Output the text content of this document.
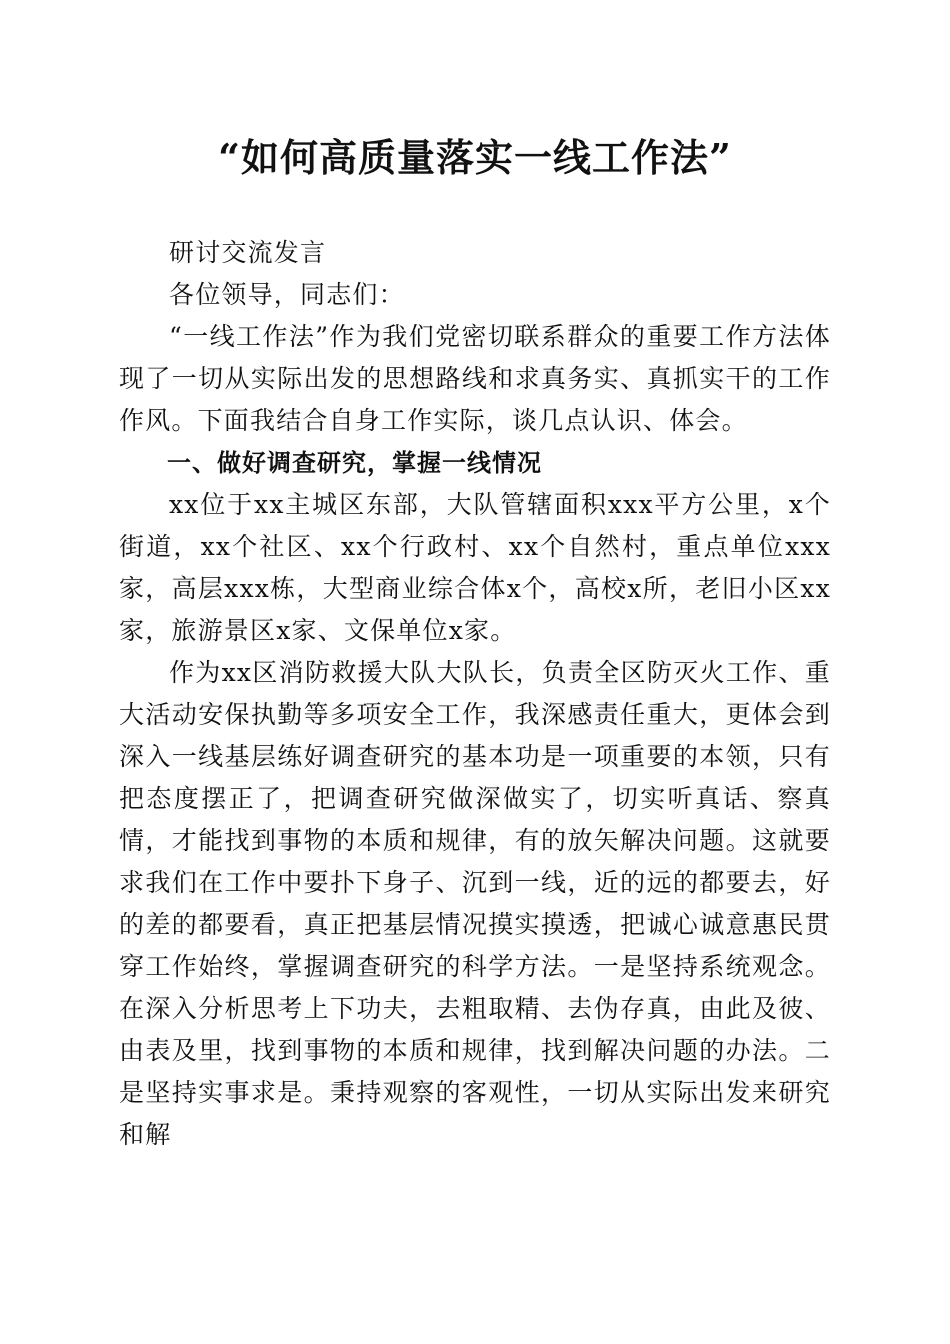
“如何高质量落实一线工作法”

研讨交流发言

各位领导，同志们：

“一线工作法”作为我们党密切联系群众的重要工作方法体现了一切从实际出发的思想路线和求真务实、真抓实干的工作作风。下面我结合自身工作实际，谈几点认识、体会。

一、做好调查研究，掌握一线情况

xx位于xx主城区东部，大队管辖面积xxx平方公里，x个街道，xx个社区、xx个行政村、xx个自然村，重点单位xxx家，高层xxx栋，大型商业综合体x个，高校x所，老旧小区xx家，旅游景区x家、文保单位x家。

作为xx区消防救援大队大队长，负责全区防灭火工作、重大活动安保执勤等多项安全工作，我深感责任重大，更体会到深入一线基层练好调查研究的基本功是一项重要的本领，只有把态度摆正了，把调查研究做深做实了，切实听真话、察真情，才能找到事物的本质和规律，有的放矢解决问题。这就要求我们在工作中要扑下身子、沉到一线，近的远的都要去，好的差的都要看，真正把基层情况摸实摸透，把诚心诚意惠民贯穿工作始终，掌握调查研究的科学方法。一是坚持系统观念。在深入分析思考上下功夫，去粗取精、去伪存真，由此及彼、由表及里，找到事物的本质和规律，找到解决问题的办法。二是坚持实事求是。秉持观察的客观性，一切从实际出发来研究和解
